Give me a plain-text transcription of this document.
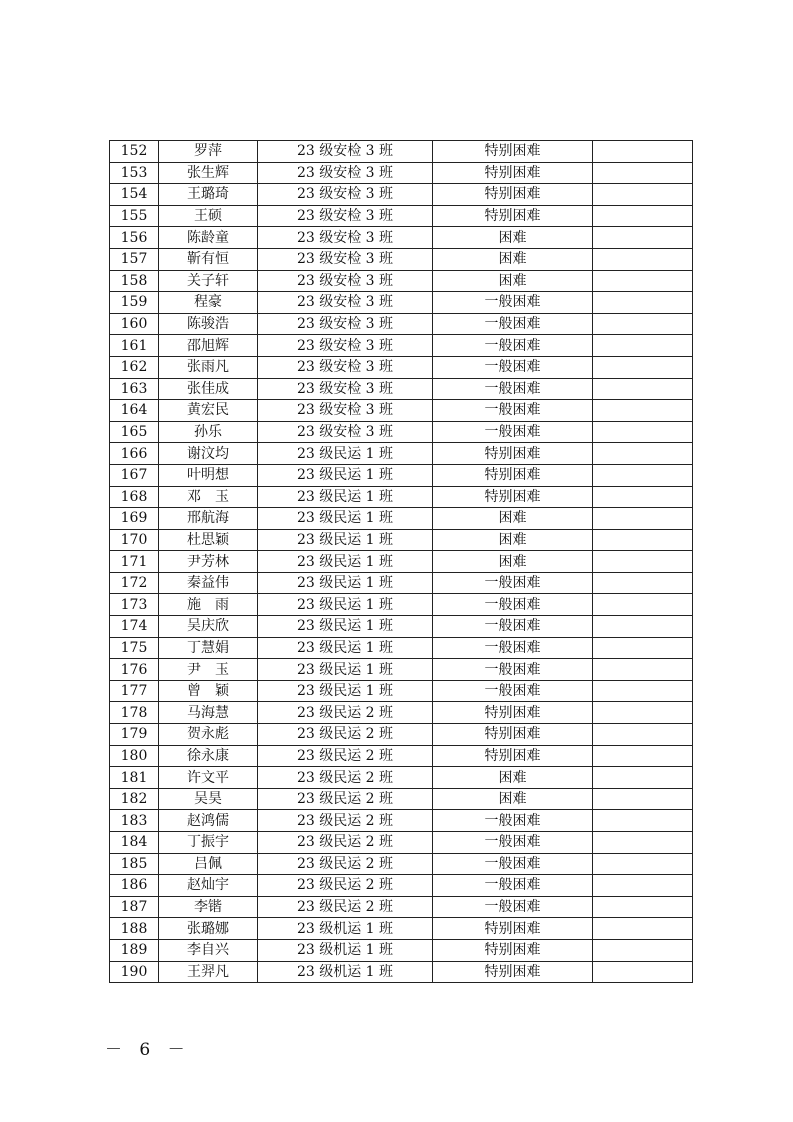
152	罗萍	23 级安检 3 班	特别困难	
153	张生辉	23 级安检 3 班	特别困难	
154	王璐琦	23 级安检 3 班	特别困难	
155	王硕	23 级安检 3 班	特别困难	
156	陈龄童	23 级安检 3 班	困难	
157	靳有恒	23 级安检 3 班	困难	
158	关子轩	23 级安检 3 班	困难	
159	程豪	23 级安检 3 班	一般困难	
160	陈骏浩	23 级安检 3 班	一般困难	
161	邵旭辉	23 级安检 3 班	一般困难	
162	张雨凡	23 级安检 3 班	一般困难	
163	张佳成	23 级安检 3 班	一般困难	
164	黄宏民	23 级安检 3 班	一般困难	
165	孙乐	23 级安检 3 班	一般困难	
166	谢汶均	23 级民运 1 班	特别困难	
167	叶明想	23 级民运 1 班	特别困难	
168	邓　玉	23 级民运 1 班	特别困难	
169	邢航海	23 级民运 1 班	困难	
170	杜思颖	23 级民运 1 班	困难	
171	尹芳林	23 级民运 1 班	困难	
172	秦益伟	23 级民运 1 班	一般困难	
173	施　雨	23 级民运 1 班	一般困难	
174	吴庆欣	23 级民运 1 班	一般困难	
175	丁慧娟	23 级民运 1 班	一般困难	
176	尹　玉	23 级民运 1 班	一般困难	
177	曾　颖	23 级民运 1 班	一般困难	
178	马海慧	23 级民运 2 班	特别困难	
179	贺永彪	23 级民运 2 班	特别困难	
180	徐永康	23 级民运 2 班	特别困难	
181	许文平	23 级民运 2 班	困难	
182	吴昊	23 级民运 2 班	困难	
183	赵鸿儒	23 级民运 2 班	一般困难	
184	丁振宇	23 级民运 2 班	一般困难	
185	吕佩	23 级民运 2 班	一般困难	
186	赵灿宇	23 级民运 2 班	一般困难	
187	李锴	23 级民运 2 班	一般困难	
188	张璐娜	23 级机运 1 班	特别困难	
189	李自兴	23 级机运 1 班	特别困难	
190	王羿凡	23 级机运 1 班	特别困难	
－ 6 －
